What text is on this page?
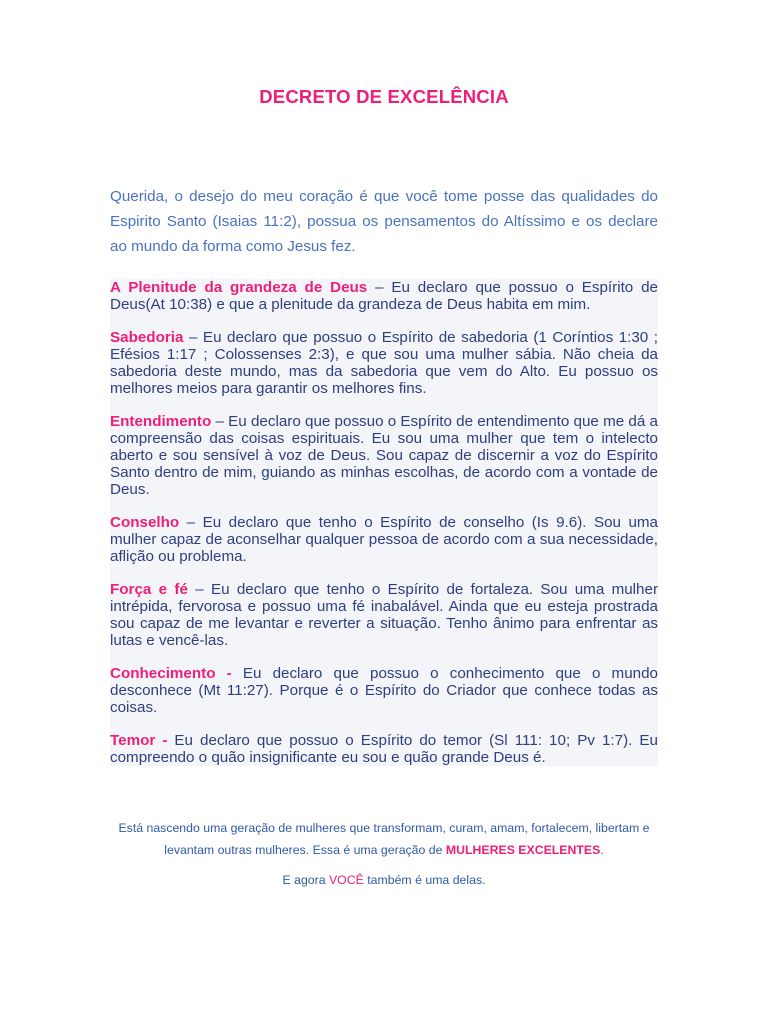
DECRETO DE EXCELÊNCIA
Querida, o desejo do meu coração é que você tome posse das qualidades do Espirito Santo (Isaias 11:2), possua os pensamentos do Altíssimo e os declare ao mundo da forma como Jesus fez.

A Plenitude da grandeza de Deus – Eu declaro que possuo o Espírito de Deus(At 10:38) e que a plenitude da grandeza de Deus habita em mim.

Sabedoria – Eu declaro que possuo o Espírito de sabedoria (1 Coríntios 1:30 ; Efésios 1:17 ; Colossenses 2:3), e que sou uma mulher sábia. Não cheia da sabedoria deste mundo, mas da sabedoria que vem do Alto. Eu possuo os melhores meios para garantir os melhores fins.

Entendimento – Eu declaro que possuo o Espírito de entendimento que me dá a compreensão das coisas espirituais. Eu sou uma mulher que tem o intelecto aberto e sou sensível à voz de Deus. Sou capaz de discernir a voz do Espírito Santo dentro de mim, guiando as minhas escolhas, de acordo com a vontade de Deus.

Conselho – Eu declaro que tenho o Espírito de conselho (Is 9.6). Sou uma mulher capaz de aconselhar qualquer pessoa de acordo com a sua necessidade, aflição ou problema.

Força e fé – Eu declaro que tenho o Espírito de fortaleza. Sou uma mulher intrépida, fervorosa e possuo uma fé inabalável. Ainda que eu esteja prostrada sou capaz de me levantar e reverter a situação. Tenho ânimo para enfrentar as lutas e vencê-las.

Conhecimento - Eu declaro que possuo o conhecimento que o mundo desconhece (Mt 11:27). Porque é o Espírito do Criador que conhece todas as coisas.

Temor - Eu declaro que possuo o Espírito do temor (Sl 111: 10; Pv 1:7). Eu compreendo o quão insignificante eu sou e quão grande Deus é.

Está nascendo uma geração de mulheres que transformam, curam, amam, fortalecem, libertam e levantam outras mulheres. Essa é uma geração de MULHERES EXCELENTES.

E agora VOCÊ também é uma delas.
